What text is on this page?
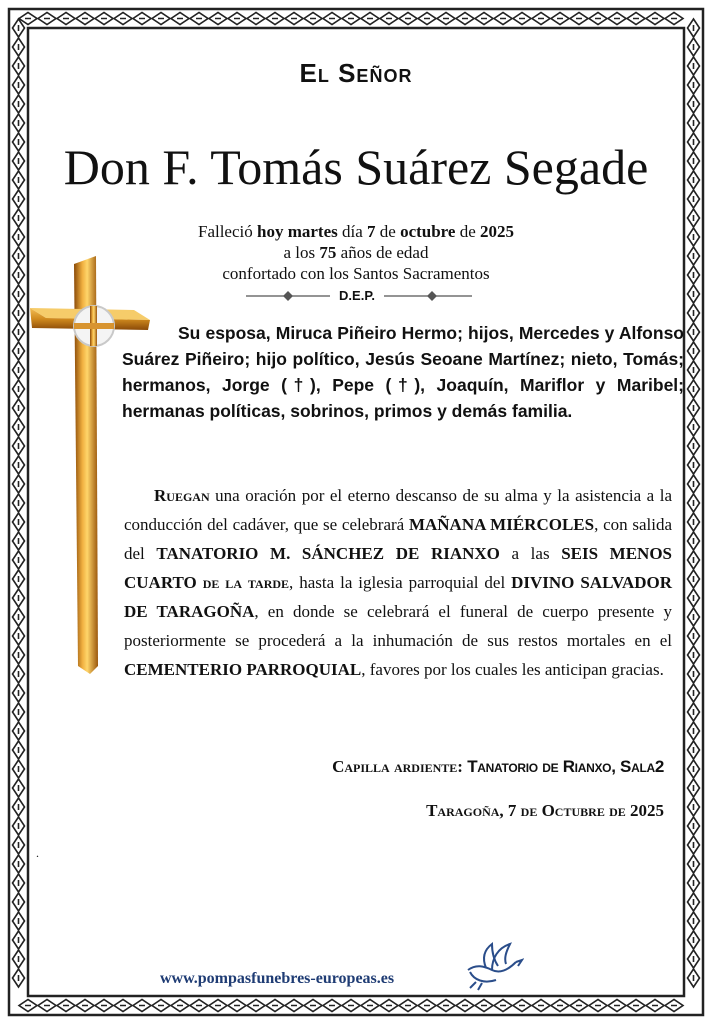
El Señor
Don F. Tomás Suárez Segade
Falleció hoy martes día 7 de octubre de 2025
a los 75 años de edad
confortado con los Santos Sacramentos
D.E.P.
Su esposa, Miruca Piñeiro Hermo; hijos, Mercedes y Alfonso Suárez Piñeiro; hijo político, Jesús Seoane Martínez; nieto, Tomás; hermanos, Jorge (†), Pepe (†), Joaquín, Mariflor y Maribel; hermanas políticas, sobrinos, primos y demás familia.
Ruegan una oración por el eterno descanso de su alma y la asistencia a la conducción del cadáver, que se celebrará MAÑANA MIÉRCOLES, con salida del TANATORIO M. SÁNCHEZ DE RIANXO a las SEIS MENOS CUARTO de la tarde, hasta la iglesia parroquial del DIVINO SALVADOR DE TARAGOÑA, en donde se celebrará el funeral de cuerpo presente y posteriormente se procederá a la inhumación de sus restos mortales en el CEMENTERIO PARROQUIAL, favores por los cuales les anticipan gracias.
Capilla ardiente: Tanatorio de Rianxo, Sala2
Taragoña, 7 de Octubre de 2025
.
www.pompasfunebres-europeas.es
